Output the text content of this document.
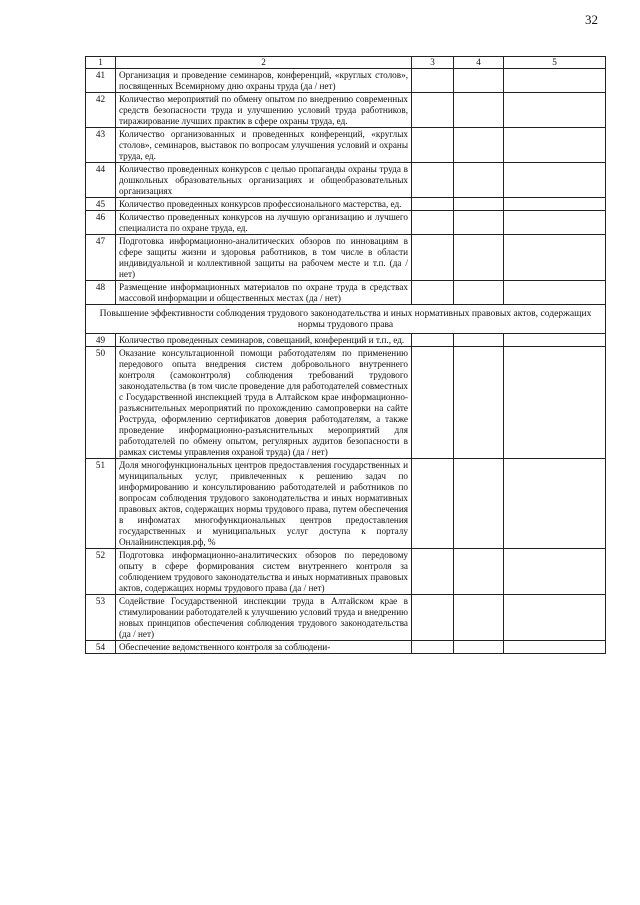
32
1	2	3	4	5
41	Организация и проведение семинаров, конференций, «круглых столов», посвященных Всемирному дню охраны труда (да / нет)			
42	Количество мероприятий по обмену опытом по внедрению современных средств безопасности труда и улучшению условий труда работников, тиражирование лучших практик в сфере охраны труда, ед.			
43	Количество организованных и проведенных конференций, «круглых столов», семинаров, выставок по вопросам улучшения условий и охраны труда, ед.			
44	Количество проведенных конкурсов с целью пропаганды охраны труда в дошкольных образовательных организациях и общеобразовательных организациях			
45	Количество проведенных конкурсов профессионального мастерства, ед.			
46	Количество проведенных конкурсов на лучшую организацию и лучшего специалиста по охране труда, ед.			
47	Подготовка информационно-аналитических обзоров по инновациям в сфере защиты жизни и здоровья работников, в том числе в области индивидуальной и коллективной защиты на рабочем месте и т.п. (да / нет)			
48	Размещение информационных материалов по охране труда в средствах массовой информации и общественных местах (да / нет)			
Повышение эффективности соблюдения трудового законодательства и иных нормативных правовых актов, содержащих нормы трудового права				
49	Количество проведенных семинаров, совещаний, конференций и т.п., ед.			
50	Оказание консультационной помощи работодателям по применению передового опыта внедрения систем добровольного внутреннего контроля (самоконтроля) соблюдения требований трудового законодательства (в том числе проведение для работодателей совместных с Государственной инспекцией труда в Алтайском крае информационно-разъяснительных мероприятий по прохождению самопроверки на сайте Роструда, оформлению сертификатов доверия работодателям, а также проведение информационно-разъяснительных мероприятий для работодателей по обмену опытом, регулярных аудитов безопасности в рамках системы управления охраной труда) (да / нет)			
51	Доля многофункциональных центров предоставления государственных и муниципальных услуг, привлеченных к решению задач по информированию и консультированию работодателей и работников по вопросам соблюдения трудового законодательства и иных нормативных правовых актов, содержащих нормы трудового права, путем обеспечения в инфоматах многофункциональных центров предоставления государственных и муниципальных услуг доступа к порталу Онлайнинспекция.рф, %			
52	Подготовка информационно-аналитических обзоров по передовому опыту в сфере формирования систем внутреннего контроля за соблюдением трудового законодательства и иных нормативных правовых актов, содержащих нормы трудового права (да / нет)			
53	Содействие Государственной инспекции труда в Алтайском крае в стимулировании работодателей к улучшению условий труда и внедрению новых принципов обеспечения соблюдения трудового законодательства (да / нет)			
54	Обеспечение ведомственного контроля за соблюдени-			
